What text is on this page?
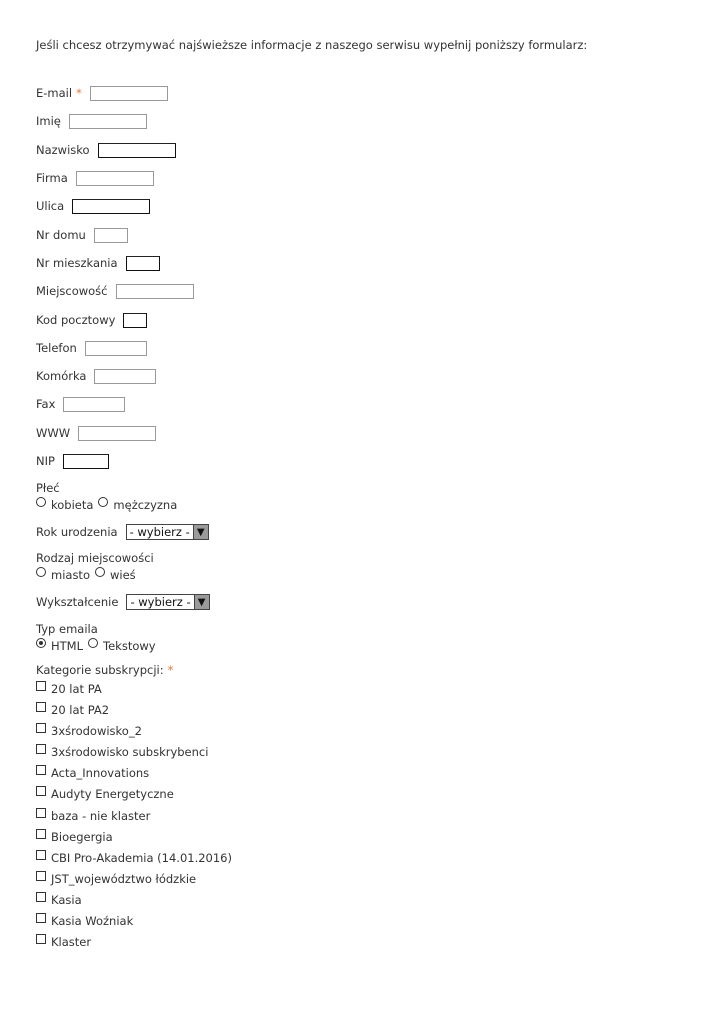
Jeśli chcesz otrzymywać najświeższe informacje z naszego serwisu wypełnij poniższy formularz:
E-mail *
Imię
Nazwisko
Firma
Ulica
Nr domu
Nr mieszkania
Miejscowość
Kod pocztowy
Telefon
Komórka
Fax
WWW
NIP
Płeć
kobieta mężczyzna
Rok urodzenia - wybierz - ▼
Rodzaj miejscowości
miasto wieś
Wykształcenie - wybierz - ▼
Typ emaila
HTML Tekstowy
Kategorie subskrypcji: *
20 lat PA
20 lat PA2
3xśrodowisko_2
3xśrodowisko subskrybenci
Acta_Innovations
Audyty Energetyczne
baza - nie klaster
Bioegergia
CBI Pro-Akademia (14.01.2016)
JST_województwo łódzkie
Kasia
Kasia Woźniak
Klaster
